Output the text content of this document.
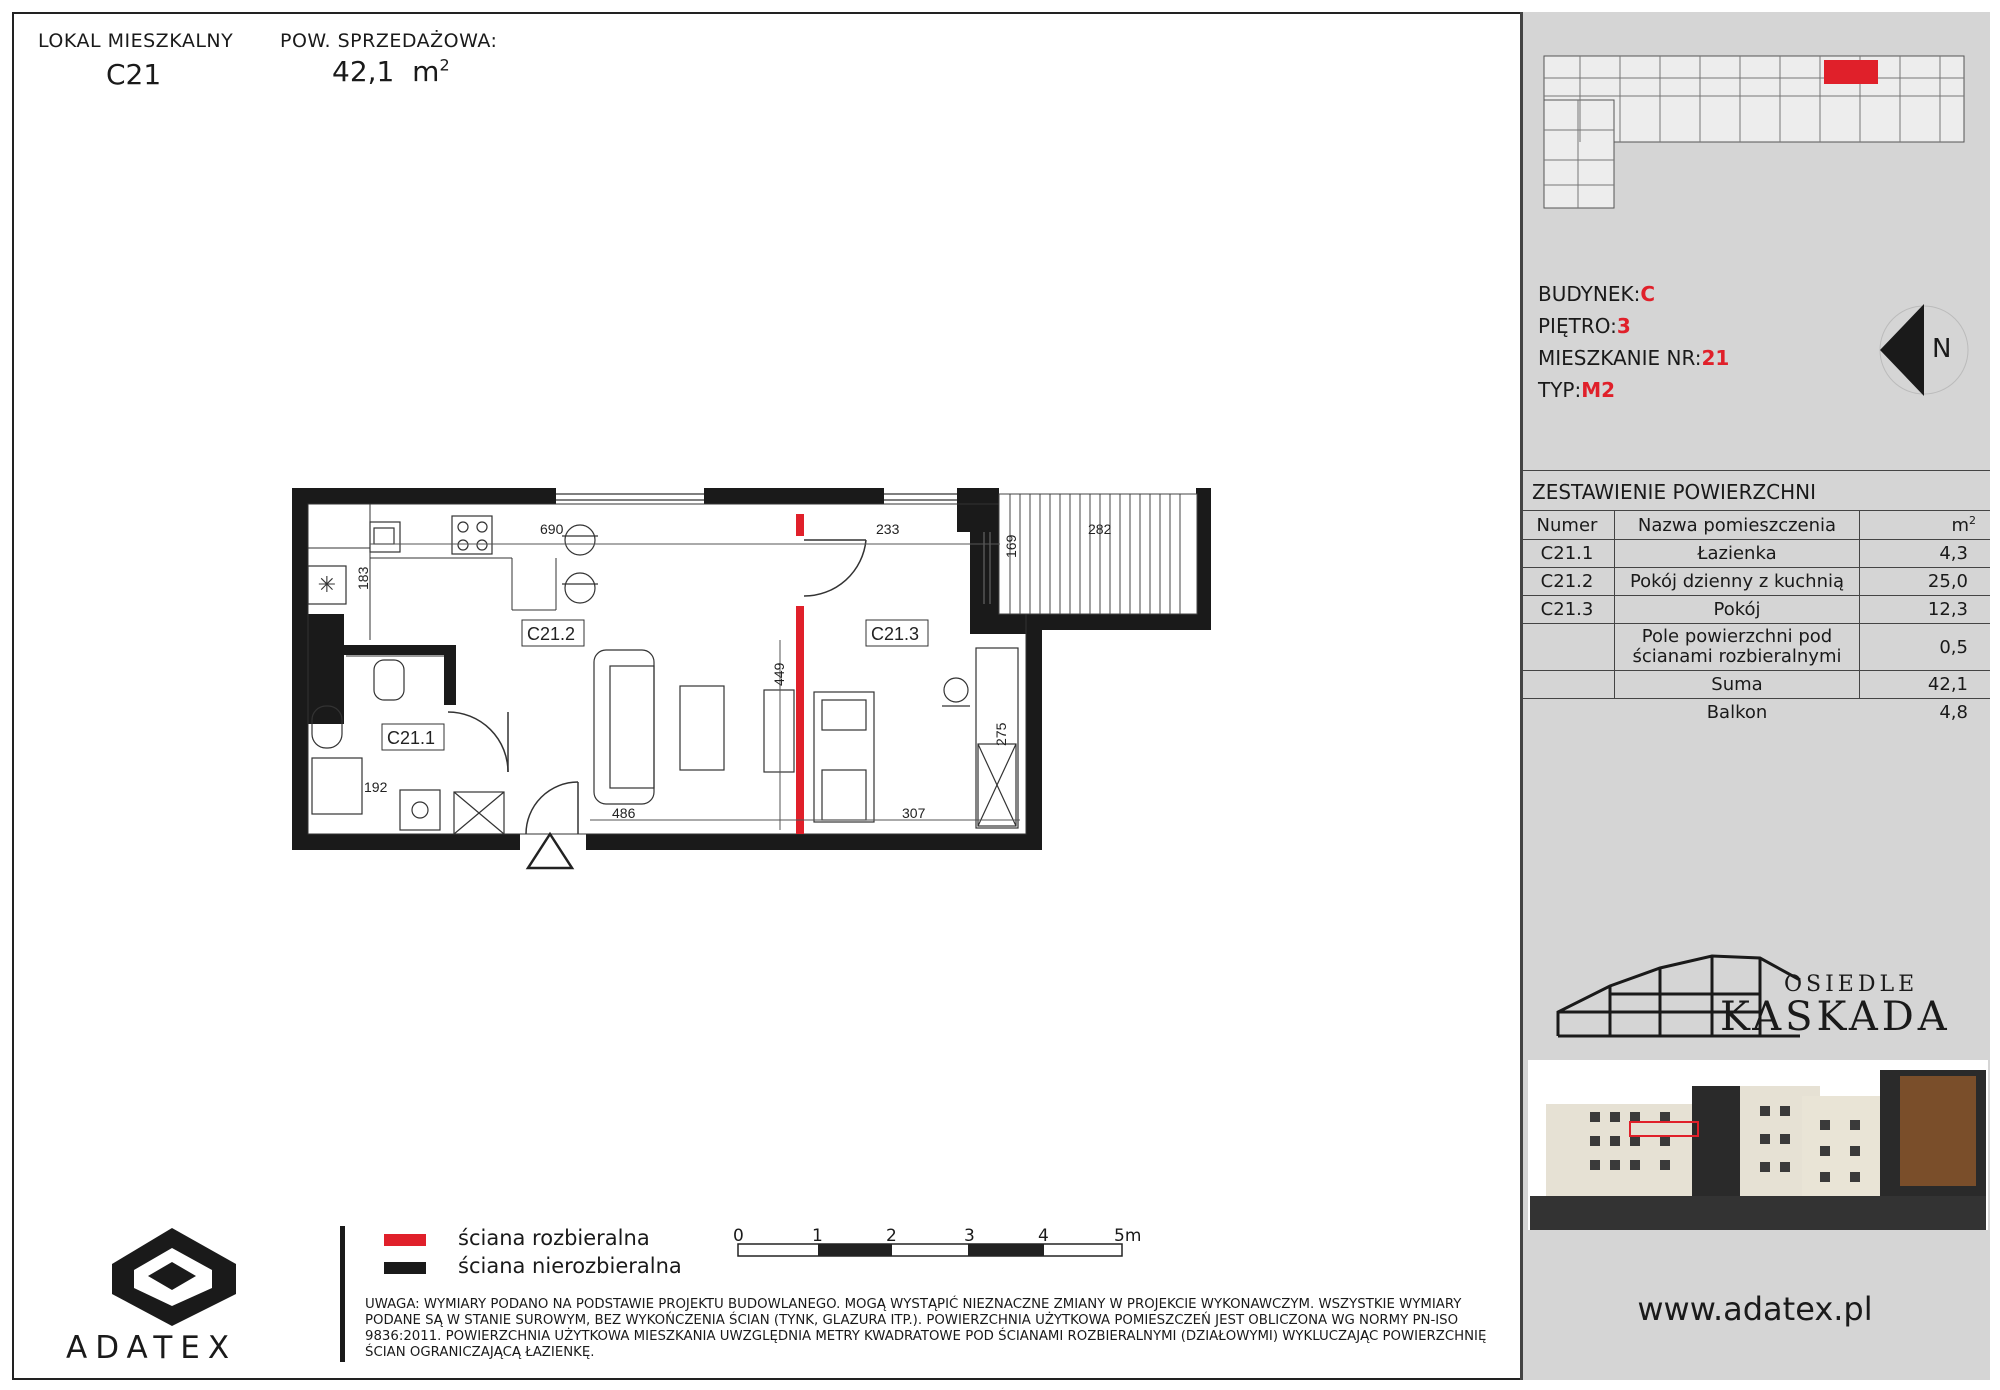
LOKAL MIESZKALNY
C21
POW. SPRZEDAŻOWA:
42,1 $m^2$
✳
690	233	282
183
169
449
275
192
486	307
C21.2
C21.1
C21.3
BUDYNEK:C
PIĘTRO:3
MIESZKANIE NR:21
TYP:M2
N
ZESTAWIENIE POWIERZCHNI
Numer	Nazwa pomieszczenia	$m^2$
C21.1	Łazienka	4,3
C21.2	Pokój dzienny z kuchnią	25,0
C21.3	Pokój	12,3
	Pole powierzchni pod ścianami rozbieralnymi	0,5
	Suma	42,1
	Balkon	4,8
OSIEDLE
KASKADA
www.adatex.pl
ściana rozbieralna
ściana nierozbieralna
0	1	2	3	4	5m
UWAGA: WYMIARY PODANO NA PODSTAWIE PROJEKTU BUDOWLANEGO. MOGĄ WYSTĄPIĆ NIEZNACZNE ZMIANY W PROJEKCIE WYKONAWCZYM. WSZYSTKIE WYMIARY PODANE SĄ W STANIE SUROWYM, BEZ WYKOŃCZENIA ŚCIAN (TYNK, GLAZURA ITP.). POWIERZCHNIA UŻYTKOWA POMIESZCZEŃ JEST OBLICZONA WG NORMY PN-ISO 9836:2011. POWIERZCHNIA UŻYTKOWA MIESZKANIA UWZGLĘDNIA METRY KWADRATOWE POD ŚCIANAMI ROZBIERALNYMI (DZIAŁOWYMI) WYKLUCZAJĄC POWIERZCHNIĘ ŚCIAN OGRANICZAJĄCĄ ŁAZIENKĘ.
ADATEX
